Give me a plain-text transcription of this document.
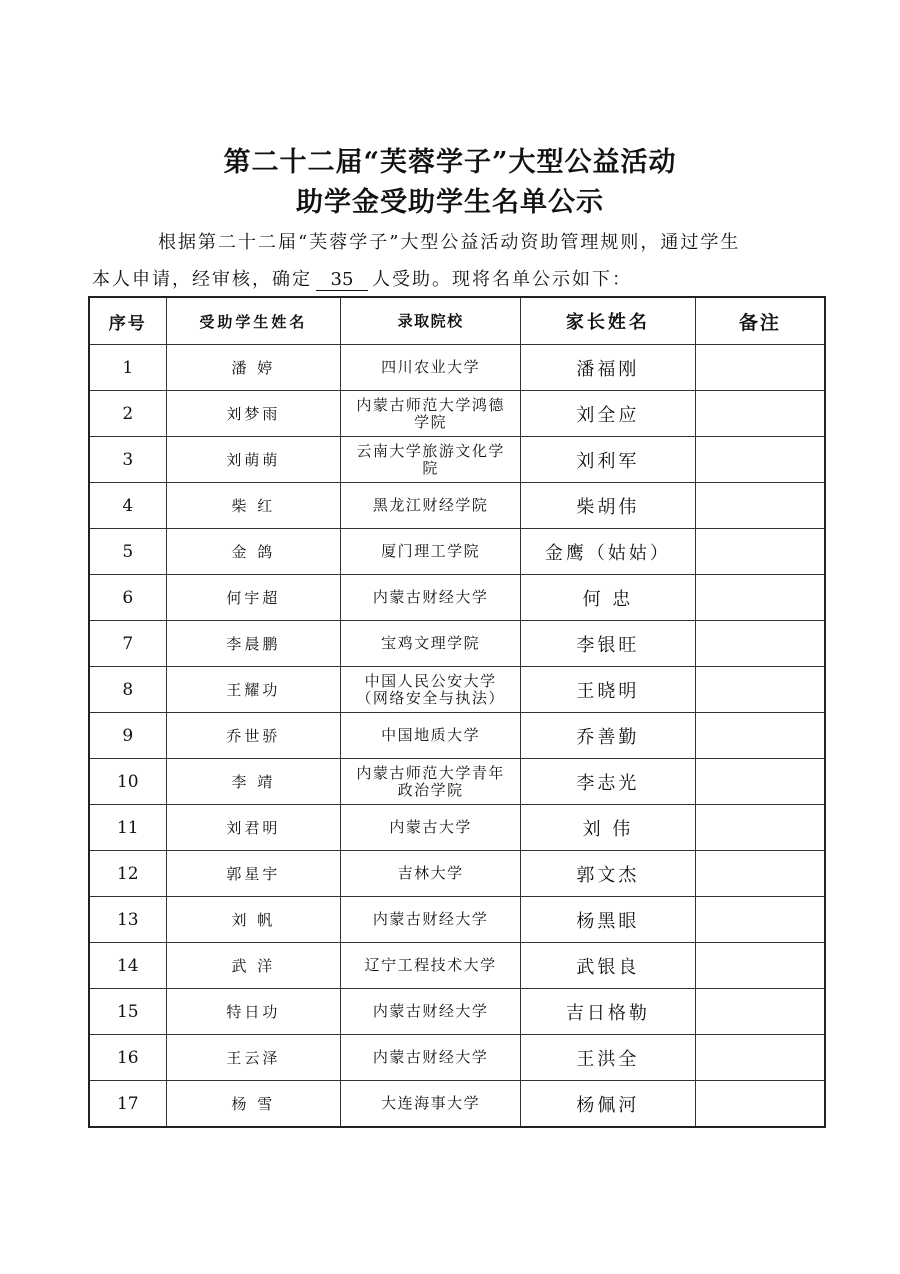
第二十二届“芙蓉学子”大型公益活动
助学金受助学生名单公示
根据第二十二届“芙蓉学子”大型公益活动资助管理规则，通过学生
本人申请，经审核，确定 35 人受助。现将名单公示如下：
序号	受助学生姓名	录取院校	家长姓名	备注
1	潘 婷	四川农业大学	潘福刚	
2	刘梦雨	内蒙古师范大学鸿德学院	刘全应	
3	刘萌萌	云南大学旅游文化学院	刘利军	
4	柴 红	黑龙江财经学院	柴胡伟	
5	金 鸽	厦门理工学院	金鹰（姑姑）	
6	何宇超	内蒙古财经大学	何 忠	
7	李晨鹏	宝鸡文理学院	李银旺	
8	王耀功	中国人民公安大学（网络安全与执法）	王晓明	
9	乔世骄	中国地质大学	乔善勤	
10	李 靖	内蒙古师范大学青年政治学院	李志光	
11	刘君明	内蒙古大学	刘 伟	
12	郭星宇	吉林大学	郭文杰	
13	刘 帆	内蒙古财经大学	杨黑眼	
14	武 洋	辽宁工程技术大学	武银良	
15	特日功	内蒙古财经大学	吉日格勒	
16	王云泽	内蒙古财经大学	王洪全	
17	杨 雪	大连海事大学	杨佩河	
